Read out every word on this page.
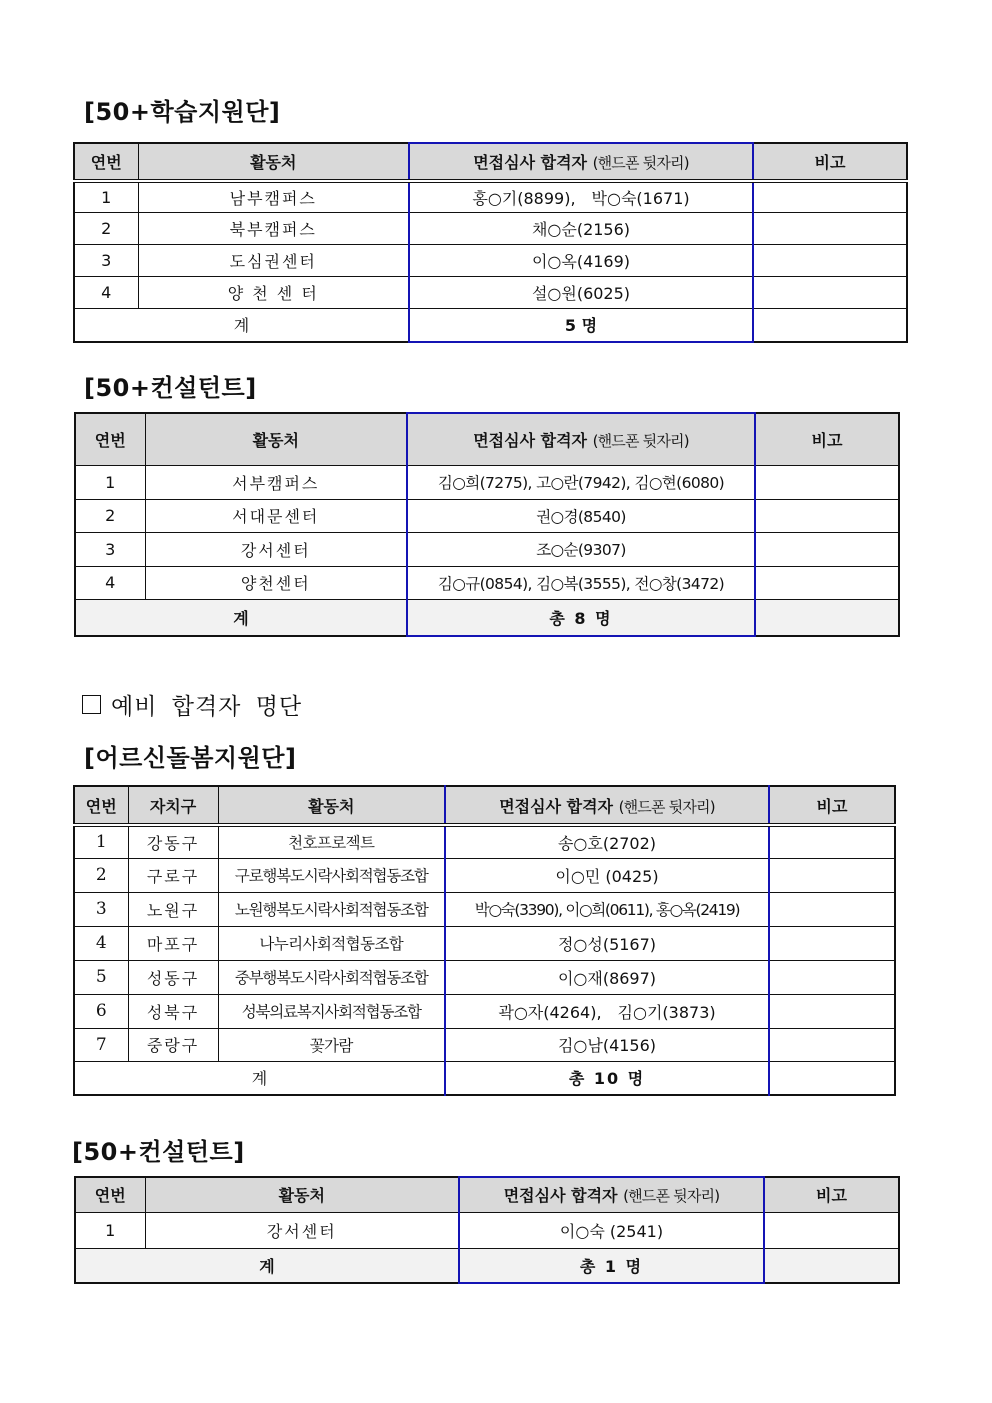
[50+학습지원단]
연번	활동처	면접심사 합격자 (핸드폰 뒷자리)	비고
1	남부캠퍼스	홍○기(8899),　박○숙(1671)	
2	북부캠퍼스	채○순(2156)	
3	도심권센터	이○옥(4169)	
4	양 천 센 터	설○원(6025)	
계		5 명	
[50+컨설턴트]
연번	활동처	면접심사 합격자 (핸드폰 뒷자리)	비고
1	서부캠퍼스	김○희(7275), 고○란(7942), 김○현(6080)	
2	서대문센터	권○경(8540)	
3	강서센터	조○순(9307)	
4	양천센터	김○규(0854), 김○복(3555), 전○창(3472)	
계		총 8 명	
예비 합격자 명단
[어르신돌봄지원단]
연번	자치구	활동처	면접심사 합격자 (핸드폰 뒷자리)	비고
1	강동구	천호프로젝트	송○호(2702)	
2	구로구	구로행복도시락사회적협동조합	이○민 (0425)	
3	노원구	노원행복도시락사회적협동조합	박○숙(3390), 이○희(0611), 홍○옥(2419)	
4	마포구	나누리사회적협동조합	정○성(5167)	
5	성동구	중부행복도시락사회적협동조합	이○재(8697)	
6	성북구	성북의료복지사회적협동조합	곽○자(4264),　김○기(3873)	
7	중랑구	꽃가람	김○남(4156)	
계			총 10 명	
[50+컨설턴트]
연번	활동처	면접심사 합격자 (핸드폰 뒷자리)	비고
1	강서센터	이○숙 (2541)	
계		총 1 명	
